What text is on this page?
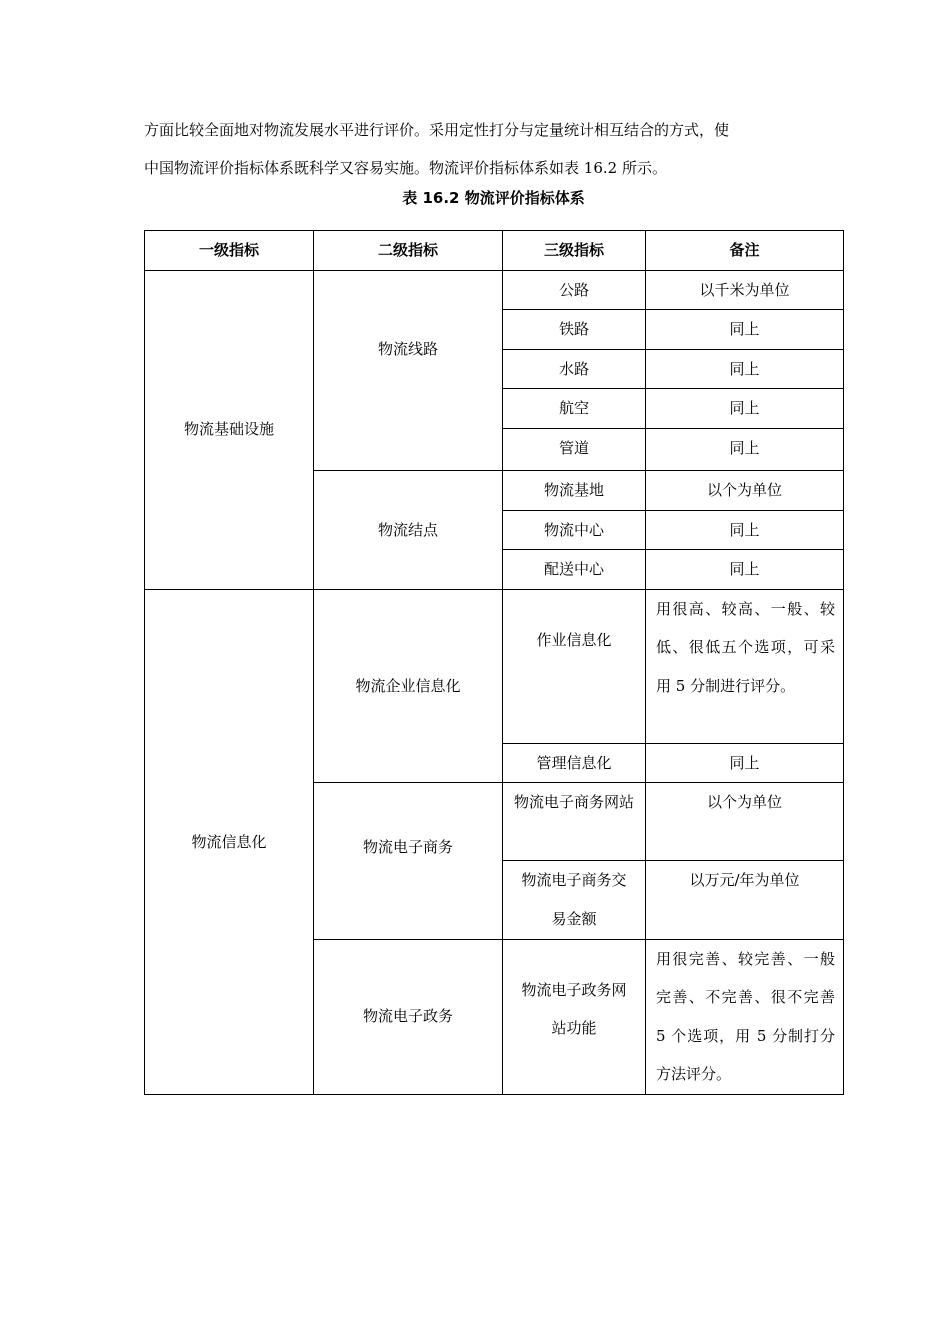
方面比较全面地对物流发展水平进行评价。采用定性打分与定量统计相互结合的方式，使

中国物流评价指标体系既科学又容易实施。物流评价指标体系如表 16.2 所示。

表 16.2 物流评价指标体系
一级指标	二级指标	三级指标	备注
物流基础设施	物流线路	公路	以千米为单位
		铁路	同上
		水路	同上
		航空	同上
		管道	同上
	物流结点	物流基地	以个为单位
		物流中心	同上
		配送中心	同上
物流信息化	物流企业信息化	作业信息化	用很高、较高、一般、较低、很低五个选项，可采用 5 分制进行评分。
		管理信息化	同上
	物流电子商务	物流电子商务网站	以个为单位
		物流电子商务交易金额	以万元/年为单位
	物流电子政务	物流电子政务网站功能	用很完善、较完善、一般完善、不完善、很不完善 5 个选项，用 5 分制打分方法评分。
